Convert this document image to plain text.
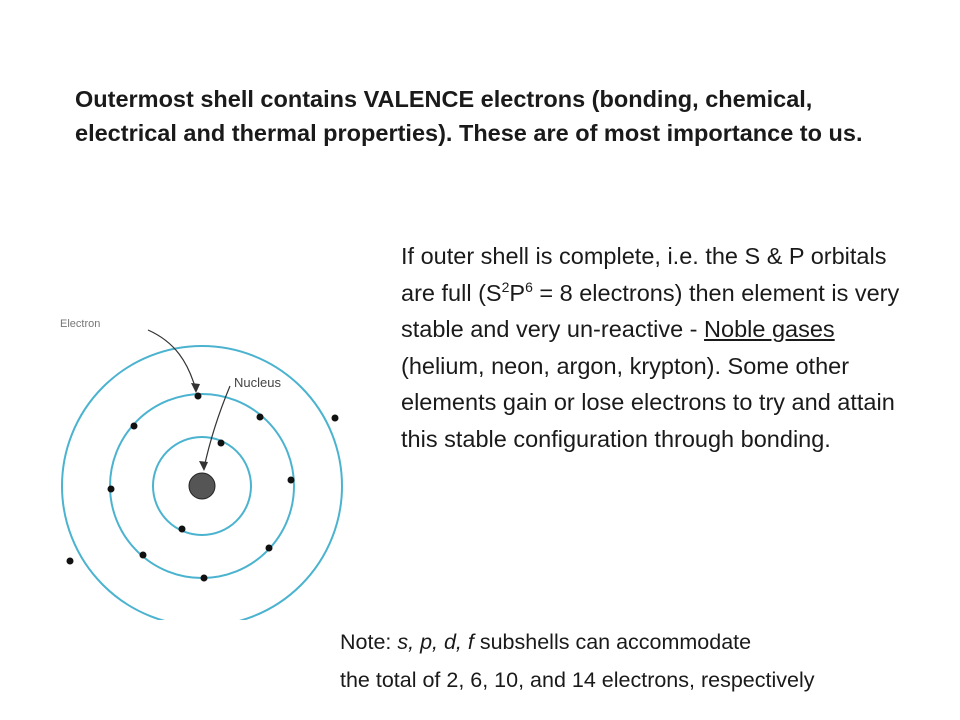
Outermost shell contains VALENCE electrons (bonding, chemical, electrical and thermal properties). These are of most importance to us.
If outer shell is complete, i.e. the S & P orbitals are full ($S^2P^6 = 8$ electrons) then element is very stable and very un-reactive - Noble gases (helium, neon, argon, krypton). Some other elements gain or lose electrons to try and attain this stable configuration through bonding.
Electron
Nucleus
Note: s, p, d, f subshells can accommodate
the total of 2, 6, 10, and 14 electrons, respectively
